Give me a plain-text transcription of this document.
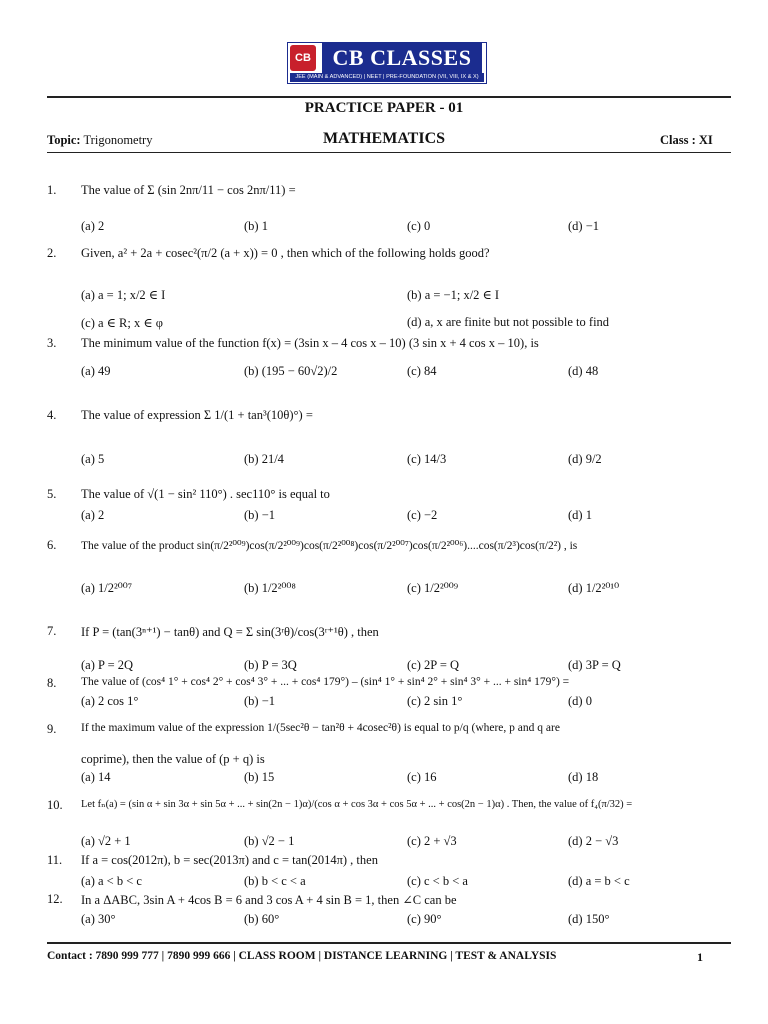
CB CB CLASSES
JEE (MAIN & ADVANCED) | NEET | PRE-FOUNDATION (VII, VIII, IX & X)
PRACTICE PAPER - 01
Topic: Trigonometry	MATHEMATICS	Class : XI
1. The value of Σ (sin 2nπ/11 − cos 2nπ/11) =
(a) 2	(b) 1	(c) 0	(d) −1
2. Given, a² + 2a + cosec²(π/2 (a + x)) = 0 , then which of the following holds good?
(a) a = 1; x/2 ∈ I	(b) a = −1; x/2 ∈ I
(c) a ∈ R; x ∈ φ	(d) a, x are finite but not possible to find
3. The minimum value of the function f(x) = (3sin x – 4 cos x – 10) (3 sin x + 4 cos x – 10), is
(a) 49	(b) (195 − 60√2)/2	(c) 84	(d) 48
4. The value of expression Σ 1/(1 + tan³(10θ)°) =
(a) 5	(b) 21/4	(c) 14/3	(d) 9/2
5. The value of √(1 − sin² 110°) . sec110° is equal to
(a) 2	(b) −1	(c) −2	(d) 1
6. The value of the product sin(π/2²⁰⁰⁹)cos(π/2²⁰⁰⁹)cos(π/2²⁰⁰⁸)cos(π/2²⁰⁰⁷)cos(π/2²⁰⁰⁶)....cos(π/2³)cos(π/2²) , is
(a) 1/2²⁰⁰⁷	(b) 1/2²⁰⁰⁸	(c) 1/2²⁰⁰⁹	(d) 1/2²⁰¹⁰
7. If P = (tan(3ⁿ⁺¹) − tanθ) and Q = Σ sin(3ʳθ)/cos(3ʳ⁺¹θ) , then
(a) P = 2Q	(b) P = 3Q	(c) 2P = Q	(d) 3P = Q
8. The value of (cos⁴ 1° + cos⁴ 2° + cos⁴ 3° + ... + cos⁴ 179°) – (sin⁴ 1° + sin⁴ 2° + sin⁴ 3° + ... + sin⁴ 179°) =
(a) 2 cos 1°	(b) −1	(c) 2 sin 1°	(d) 0
9. If the maximum value of the expression 1/(5sec²θ − tan²θ + 4cosec²θ) is equal to p/q (where, p and q are
coprime), then the value of (p + q) is
(a) 14	(b) 15	(c) 16	(d) 18
10. Let fₙ(a) = (sin α + sin 3α + sin 5α + ... + sin(2n − 1)α)/(cos α + cos 3α + cos 5α + ... + cos(2n − 1)α) . Then, the value of f₄(π/32) =
(a) √2 + 1	(b) √2 − 1	(c) 2 + √3	(d) 2 − √3
11. If a = cos(2012π), b = sec(2013π) and c = tan(2014π) , then
(a) a < b < c	(b) b < c < a	(c) c < b < a	(d) a = b < c
12. In a ΔABC, 3sin A + 4cos B = 6 and 3 cos A + 4 sin B = 1, then ∠C can be
(a) 30°	(b) 60°	(c) 90°	(d) 150°
Contact : 7890 999 777 | 7890 999 666 | CLASS ROOM | DISTANCE LEARNING | TEST & ANALYSIS	1
